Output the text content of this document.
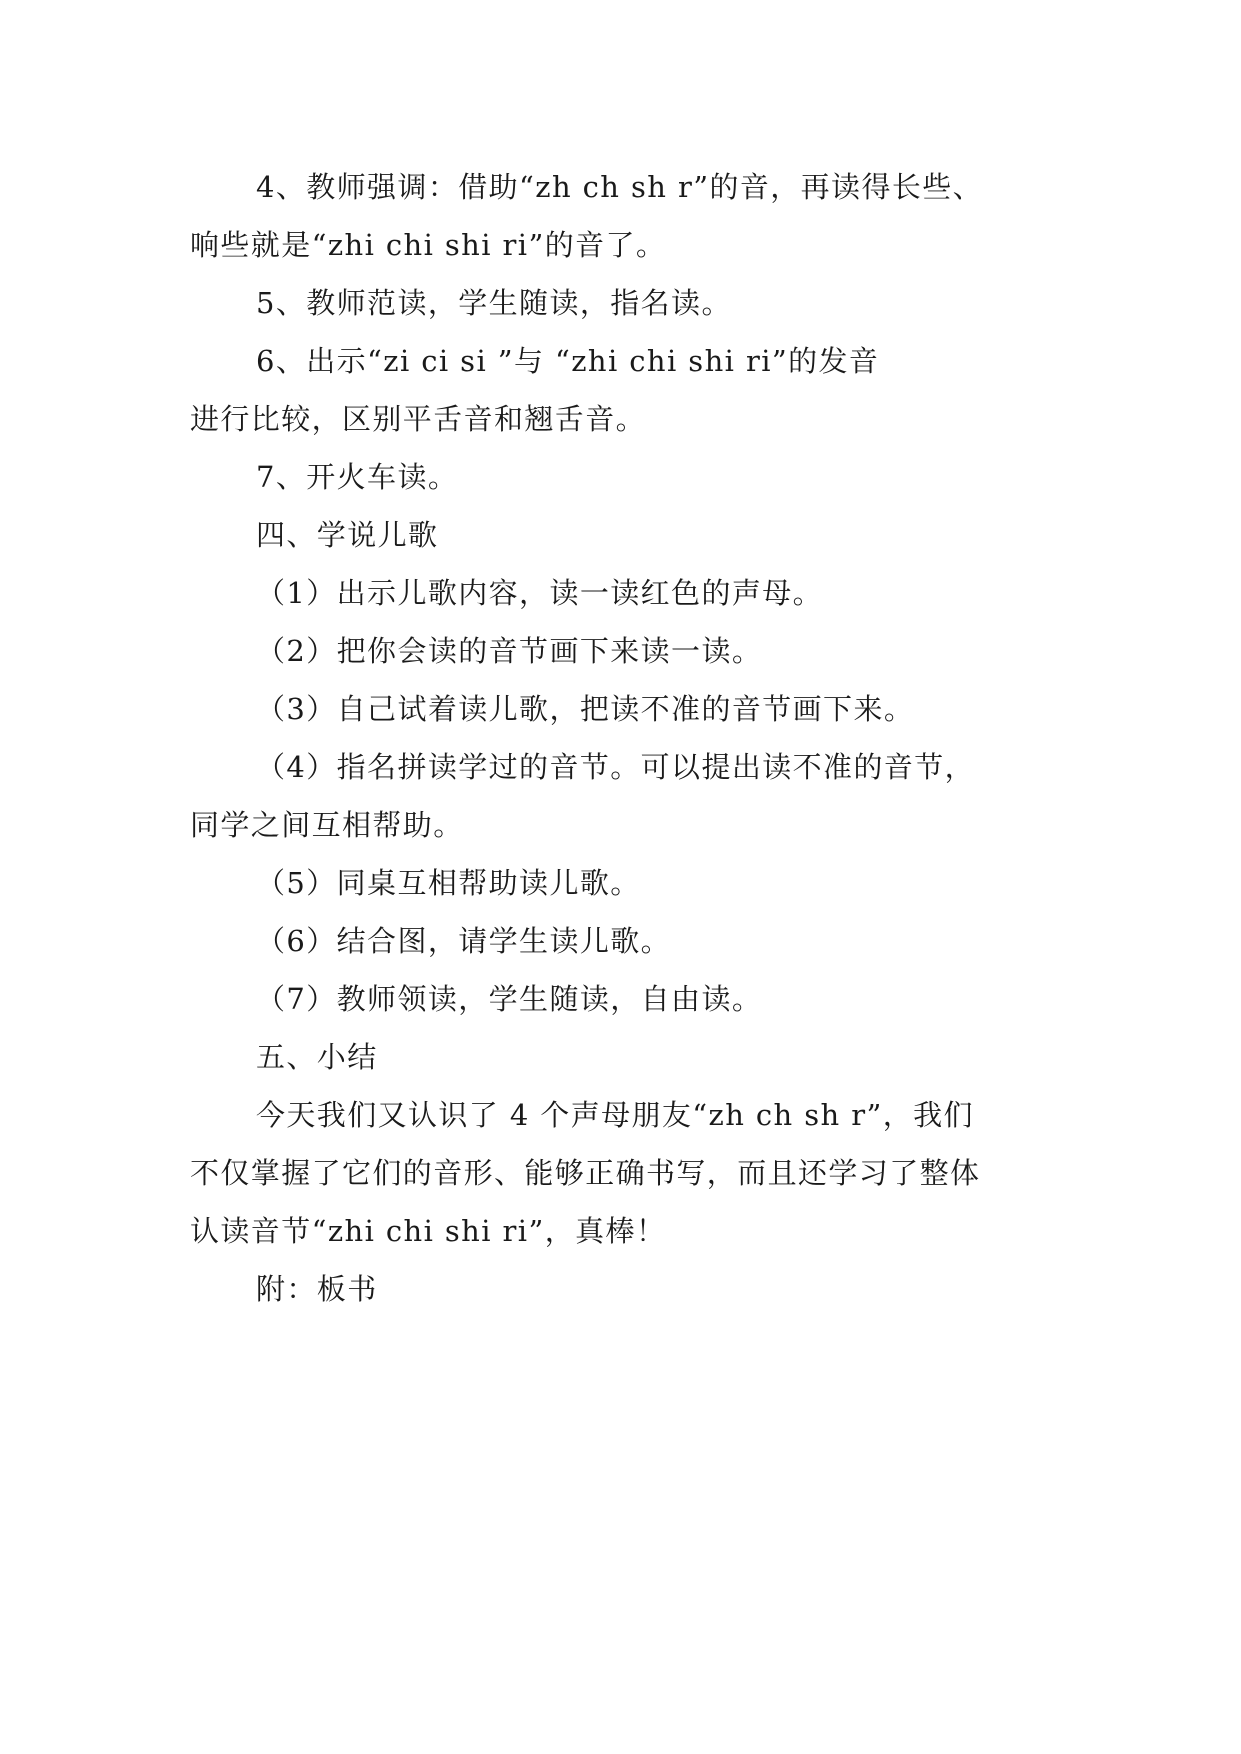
4、教师强调：借助“zh ch sh r”的音，再读得长些、
响些就是“zhi chi shi ri”的音了。
5、教师范读，学生随读，指名读。
6、出示“zi ci si ”与 “zhi chi shi ri”的发音
进行比较，区别平舌音和翘舌音。
7、开火车读。
四、学说儿歌
（1）出示儿歌内容，读一读红色的声母。
（2）把你会读的音节画下来读一读。
（3）自己试着读儿歌，把读不准的音节画下来。
（4）指名拼读学过的音节。可以提出读不准的音节，
同学之间互相帮助。
（5）同桌互相帮助读儿歌。
（6）结合图，请学生读儿歌。
（7）教师领读，学生随读，自由读。
五、小结
今天我们又认识了 4 个声母朋友“zh ch sh r”，我们
不仅掌握了它们的音形、能够正确书写，而且还学习了整体
认读音节“zhi chi shi ri”，真棒！
附：板书
